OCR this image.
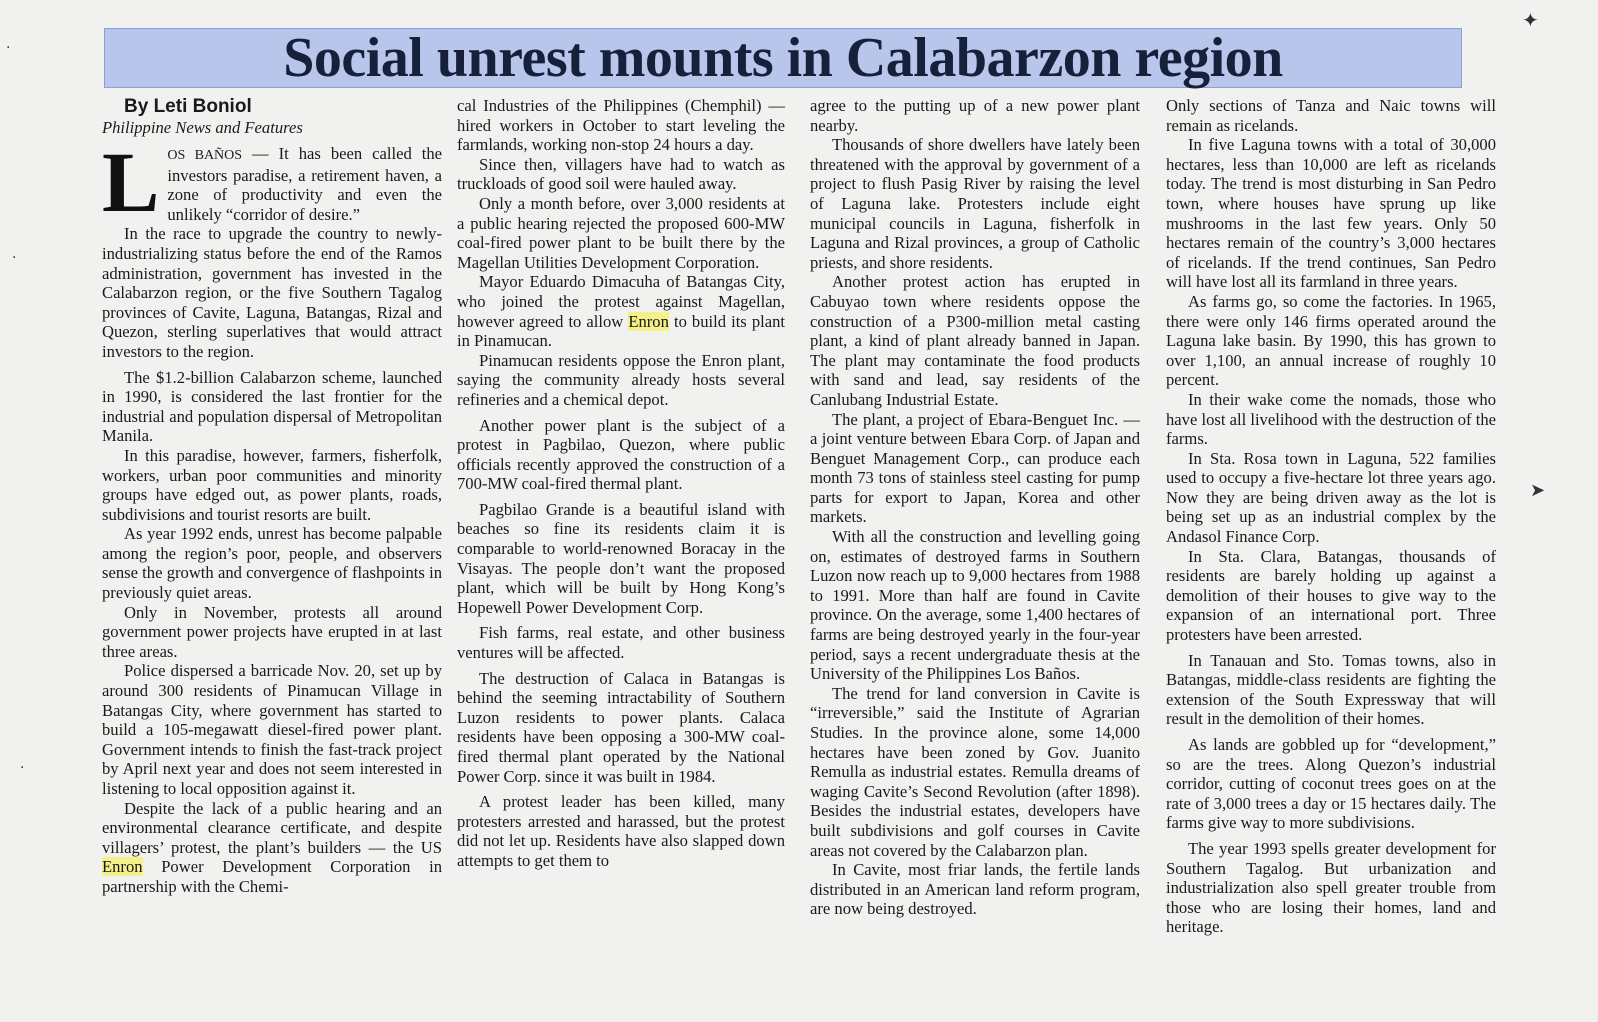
Social unrest mounts in Calabarzon region

By Leti Boniol

Philippine News and Features

LOS BAÑOS — It has been called the investors paradise, a retirement haven, a zone of productivity and even the unlikely “corridor of desire.”

In the race to upgrade the country to newly-industrializing status before the end of the Ramos administration, government has invested in the Calabarzon region, or the five Southern Tagalog provinces of Cavite, Laguna, Batangas, Rizal and Quezon, sterling superlatives that would attract investors to the region.

The $1.2-billion Calabarzon scheme, launched in 1990, is considered the last frontier for the industrial and population dispersal of Metropolitan Manila.

In this paradise, however, farmers, fisherfolk, workers, urban poor communities and minority groups have edged out, as power plants, roads, subdivisions and tourist resorts are built.

As year 1992 ends, unrest has become palpable among the region’s poor, people, and observers sense the growth and convergence of flashpoints in previously quiet areas.

Only in November, protests all around government power projects have erupted in at last three areas.

Police dispersed a barricade Nov. 20, set up by around 300 residents of Pinamucan Village in Batangas City, where government has started to build a 105-megawatt diesel-fired power plant. Government intends to finish the fast-track project by April next year and does not seem interested in listening to local opposition against it.

Despite the lack of a public hearing and an environmental clearance certificate, and despite villagers’ protest, the plant’s builders — the US Enron Power Development Corporation in partnership with the Chemi-

cal Industries of the Philippines (Chemphil) — hired workers in October to start leveling the farmlands, working non-stop 24 hours a day.

Since then, villagers have had to watch as truckloads of good soil were hauled away.

Only a month before, over 3,000 residents at a public hearing rejected the proposed 600-MW coal-fired power plant to be built there by the Magellan Utilities Development Corporation.

Mayor Eduardo Dimacuha of Batangas City, who joined the protest against Magellan, however agreed to allow Enron to build its plant in Pinamucan.

Pinamucan residents oppose the Enron plant, saying the community already hosts several refineries and a chemical depot.

Another power plant is the subject of a protest in Pagbilao, Quezon, where public officials recently approved the construction of a 700-MW coal-fired thermal plant.

Pagbilao Grande is a beautiful island with beaches so fine its residents claim it is comparable to world-renowned Boracay in the Visayas. The people don’t want the proposed plant, which will be built by Hong Kong’s Hopewell Power Development Corp.

Fish farms, real estate, and other business ventures will be affected.

The destruction of Calaca in Batangas is behind the seeming intractability of Southern Luzon residents to power plants. Calaca residents have been opposing a 300-MW coal-fired thermal plant operated by the National Power Corp. since it was built in 1984.

A protest leader has been killed, many protesters arrested and harassed, but the protest did not let up. Residents have also slapped down attempts to get them to

agree to the putting up of a new power plant nearby.

Thousands of shore dwellers have lately been threatened with the approval by government of a project to flush Pasig River by raising the level of Laguna lake. Protesters include eight municipal councils in Laguna, fisherfolk in Laguna and Rizal provinces, a group of Catholic priests, and shore residents.

Another protest action has erupted in Cabuyao town where residents oppose the construction of a P300-million metal casting plant, a kind of plant already banned in Japan. The plant may contaminate the food products with sand and lead, say residents of the Canlubang Industrial Estate.

The plant, a project of Ebara-Benguet Inc. — a joint venture between Ebara Corp. of Japan and Benguet Management Corp., can produce each month 73 tons of stainless steel casting for pump parts for export to Japan, Korea and other markets.

With all the construction and levelling going on, estimates of destroyed farms in Southern Luzon now reach up to 9,000 hectares from 1988 to 1991. More than half are found in Cavite province. On the average, some 1,400 hectares of farms are being destroyed yearly in the four-year period, says a recent undergraduate thesis at the University of the Philippines Los Baños.

The trend for land conversion in Cavite is “irreversible,” said the Institute of Agrarian Studies. In the province alone, some 14,000 hectares have been zoned by Gov. Juanito Remulla as industrial estates. Remulla dreams of waging Cavite’s Second Revolution (after 1898). Besides the industrial estates, developers have built subdivisions and golf courses in Cavite areas not covered by the Calabarzon plan.

In Cavite, most friar lands, the fertile lands distributed in an American land reform program, are now being destroyed.

Only sections of Tanza and Naic towns will remain as ricelands.

In five Laguna towns with a total of 30,000 hectares, less than 10,000 are left as ricelands today. The trend is most disturbing in San Pedro town, where houses have sprung up like mushrooms in the last few years. Only 50 hectares remain of the country’s 3,000 hectares of ricelands. If the trend continues, San Pedro will have lost all its farmland in three years.

As farms go, so come the factories. In 1965, there were only 146 firms operated around the Laguna lake basin. By 1990, this has grown to over 1,100, an annual increase of roughly 10 percent.

In their wake come the nomads, those who have lost all livelihood with the destruction of the farms.

In Sta. Rosa town in Laguna, 522 families used to occupy a five-hectare lot three years ago. Now they are being driven away as the lot is being set up as an industrial complex by the Andasol Finance Corp.

In Sta. Clara, Batangas, thousands of residents are barely holding up against a demolition of their houses to give way to the expansion of an international port. Three protesters have been arrested.

In Tanauan and Sto. Tomas towns, also in Batangas, middle-class residents are fighting the extension of the South Expressway that will result in the demolition of their homes.

As lands are gobbled up for “development,” so are the trees. Along Quezon’s industrial corridor, cutting of coconut trees goes on at the rate of 3,000 trees a day or 15 hectares daily. The farms give way to more subdivisions.

The year 1993 spells greater development for Southern Tagalog. But urbanization and industrialization also spell greater trouble from those who are losing their homes, land and heritage.

✦
➤
·
·
·
